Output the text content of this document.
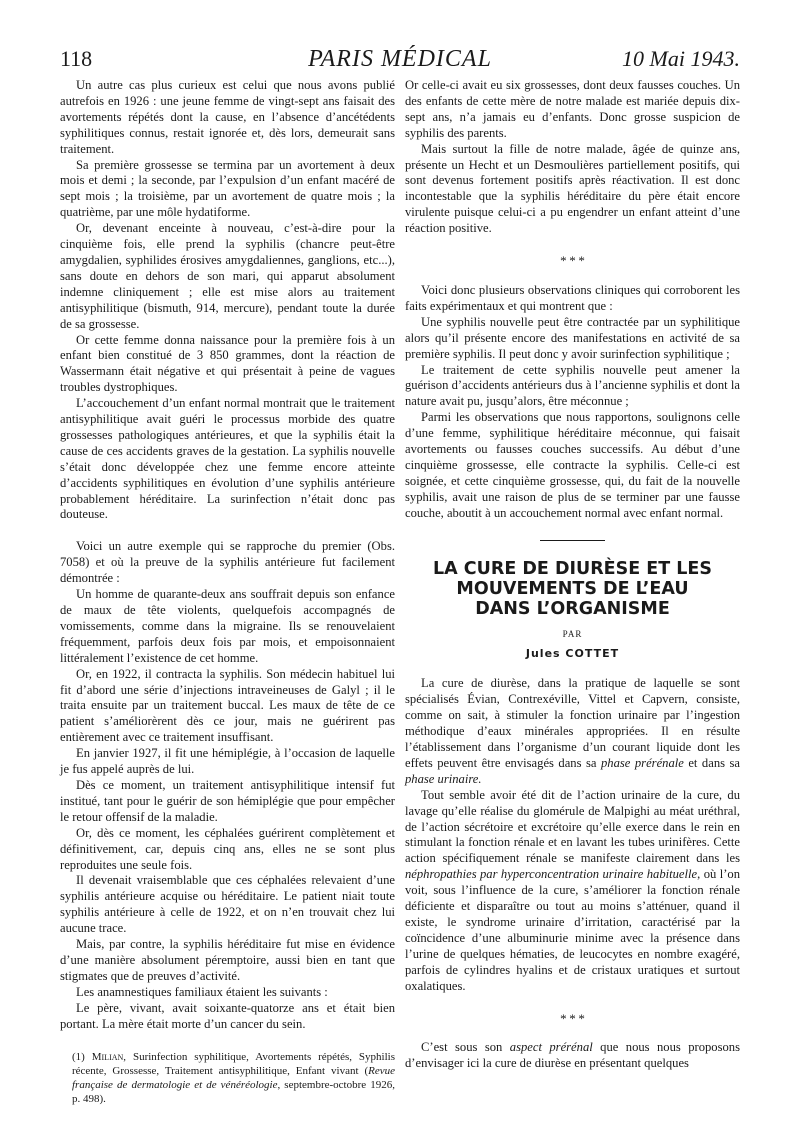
118	PARIS MÉDICAL	10 Mai 1943.

Un autre cas plus curieux est celui que nous avons publié autrefois en 1926 : une jeune femme de vingt-sept ans faisait des avortements répétés dont la cause, en l’absence d’ancétédents syphilitiques connus, restait ignorée et, dès lors, demeurait sans traitement.

Sa première grossesse se termina par un avortement à deux mois et demi ; la seconde, par l’expulsion d’un enfant macéré de sept mois ; la troisième, par un avortement de quatre mois ; la quatrième, par une môle hydatiforme.

Or, devenant enceinte à nouveau, c’est-à-dire pour la cinquième fois, elle prend la syphilis (chancre peut-être amygdalien, syphilides érosives amygdaliennes, ganglions, etc...), sans doute en dehors de son mari, qui apparut absolument indemne cliniquement ; elle est mise alors au traitement antisyphilitique (bismuth, 914, mercure), pendant toute la durée de sa grossesse.

Or cette femme donna naissance pour la première fois à un enfant bien constitué de 3 850 grammes, dont la réaction de Wassermann était négative et qui présentait à peine de vagues troubles dystrophiques.

L’accouchement d’un enfant normal montrait que le traitement antisyphilitique avait guéri le processus morbide des quatre grossesses pathologiques antérieures, et que la syphilis était la cause de ces accidents graves de la gestation. La syphilis nouvelle s’était donc développée chez une femme encore atteinte d’accidents syphilitiques en évolution d’une syphilis antérieure probablement héréditaire. La surinfection n’était donc pas douteuse.

Voici un autre exemple qui se rapproche du premier (Obs. 7058) et où la preuve de la syphilis antérieure fut facilement démontrée :

Un homme de quarante-deux ans souffrait depuis son enfance de maux de tête violents, quelquefois accompagnés de vomissements, comme dans la migraine. Ils se renouvelaient fréquemment, parfois deux fois par mois, et empoisonnaient littéralement l’existence de cet homme.

Or, en 1922, il contracta la syphilis. Son médecin habituel lui fit d’abord une série d’injections intraveineuses de Galyl ; il le traita ensuite par un traitement buccal. Les maux de tête de ce patient s’améliorèrent dès ce jour, mais ne guérirent pas entièrement avec ce traitement insuffisant.

En janvier 1927, il fit une hémiplégie, à l’occasion de laquelle je fus appelé auprès de lui.

Dès ce moment, un traitement antisyphilitique intensif fut institué, tant pour le guérir de son hémiplégie que pour empêcher le retour offensif de la maladie.

Or, dès ce moment, les céphalées guérirent complètement et définitivement, car, depuis cinq ans, elles ne se sont plus reproduites une seule fois.

Il devenait vraisemblable que ces céphalées relevaient d’une syphilis antérieure acquise ou héréditaire. Le patient niait toute syphilis antérieure à celle de 1922, et on n’en trouvait chez lui aucune trace.

Mais, par contre, la syphilis héréditaire fut mise en évidence d’une manière absolument péremptoire, aussi bien en tant que stigmates que de preuves d’activité.

Les anamnestiques familiaux étaient les suivants :

Le père, vivant, avait soixante-quatorze ans et était bien portant. La mère était morte d’un cancer du sein.

(1) Milian, Surinfection syphilitique, Avortements répétés, Syphilis récente, Grossesse, Traitement antisyphilitique, Enfant vivant (Revue française de dermatologie et de vénéréologie, septembre-octobre 1926, p. 498).

Or celle-ci avait eu six grossesses, dont deux fausses couches. Un des enfants de cette mère de notre malade est mariée depuis dix-sept ans, n’a jamais eu d’enfants. Donc grosse suspicion de syphilis des parents.

Mais surtout la fille de notre malade, âgée de quinze ans, présente un Hecht et un Desmoulières partiellement positifs, qui sont devenus fortement positifs après réactivation. Il est donc incontestable que la syphilis héréditaire du père était encore virulente puisque celui-ci a pu engendrer un enfant atteint d’une réaction positive.

* * *

Voici donc plusieurs observations cliniques qui corroborent les faits expérimentaux et qui montrent que :

Une syphilis nouvelle peut être contractée par un syphilitique alors qu’il présente encore des manifestations en activité de sa première syphilis. Il peut donc y avoir surinfection syphilitique ;

Le traitement de cette syphilis nouvelle peut amener la guérison d’accidents antérieurs dus à l’ancienne syphilis et dont la nature avait pu, jusqu’alors, être méconnue ;

Parmi les observations que nous rapportons, soulignons celle d’une femme, syphilitique héréditaire méconnue, qui faisait avortements ou fausses couches successifs. Au début d’une cinquième grossesse, elle contracte la syphilis. Celle-ci est soignée, et cette cinquième grossesse, qui, du fait de la nouvelle syphilis, avait une raison de plus de se terminer par une fausse couche, aboutit à un accouchement normal avec enfant normal.

LA CURE DE DIURÈSE ET LES
MOUVEMENTS DE L’EAU
DANS L’ORGANISME
PAR
Jules COTTET

La cure de diurèse, dans la pratique de laquelle se sont spécialisés Évian, Contrexéville, Vittel et Capvern, consiste, comme on sait, à stimuler la fonction urinaire par l’ingestion méthodique d’eaux minérales appropriées. Il en résulte l’établissement dans l’organisme d’un courant liquide dont les effets peuvent être envisagés dans sa phase prérénale et dans sa phase urinaire.

Tout semble avoir été dit de l’action urinaire de la cure, du lavage qu’elle réalise du glomérule de Malpighi au méat uréthral, de l’action sécrétoire et excrétoire qu’elle exerce dans le rein en stimulant la fonction rénale et en lavant les tubes urinifères. Cette action spécifiquement rénale se manifeste clairement dans les néphropathies par hyperconcentration urinaire habituelle, où l’on voit, sous l’influence de la cure, s’améliorer la fonction rénale déficiente et disparaître ou tout au moins s’atténuer, quand il existe, le syndrome urinaire d’irritation, caractérisé par la coïncidence d’une albuminurie minime avec la présence dans l’urine de quelques hématies, de leucocytes en nombre exagéré, parfois de cylindres hyalins et de cristaux uratiques et surtout oxalatiques.

* * *

C’est sous son aspect prérénal que nous nous proposons d’envisager ici la cure de diurèse en présentant quelques
